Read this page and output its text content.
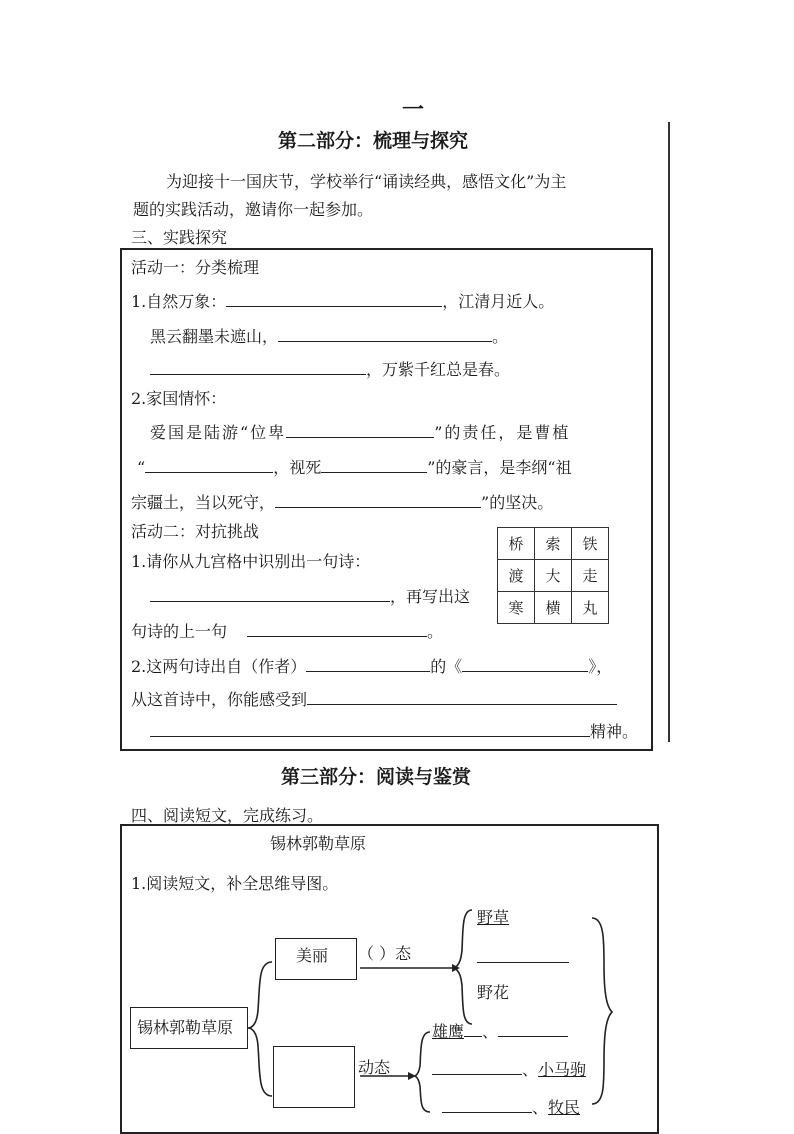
一
第二部分：梳理与探究
为迎接十一国庆节，学校举行“诵读经典，感悟文化”为主
题的实践活动，邀请你一起参加。
三、实践探究
活动一：分类梳理
1.自然万象：	，江清月近人。
黑云翻墨未遮山，	。
，万紫千红总是春。
2.家国情怀：
爱国是陆游“位卑	”的责任，是曹植
“	，视死	”的豪言，是李纲“祖
宗疆土，当以死守，	”的坚决。
活动二：对抗挑战
1.请你从九宫格中识别出一句诗：
，再写出这
句诗的上一句	。
桥	索	铁
渡	大	走
寒	横	丸
2.这两句诗出自（作者）	的《	》，
从这首诗中，你能感受到
精神。
第三部分：阅读与鉴赏
四、阅读短文，完成练习。
锡林郭勒草原
1.阅读短文，补全思维导图。
锡林郭勒草原
美丽 （ ）态
动态
野草
野花
雄鹰 、
、小马驹
、牧民
